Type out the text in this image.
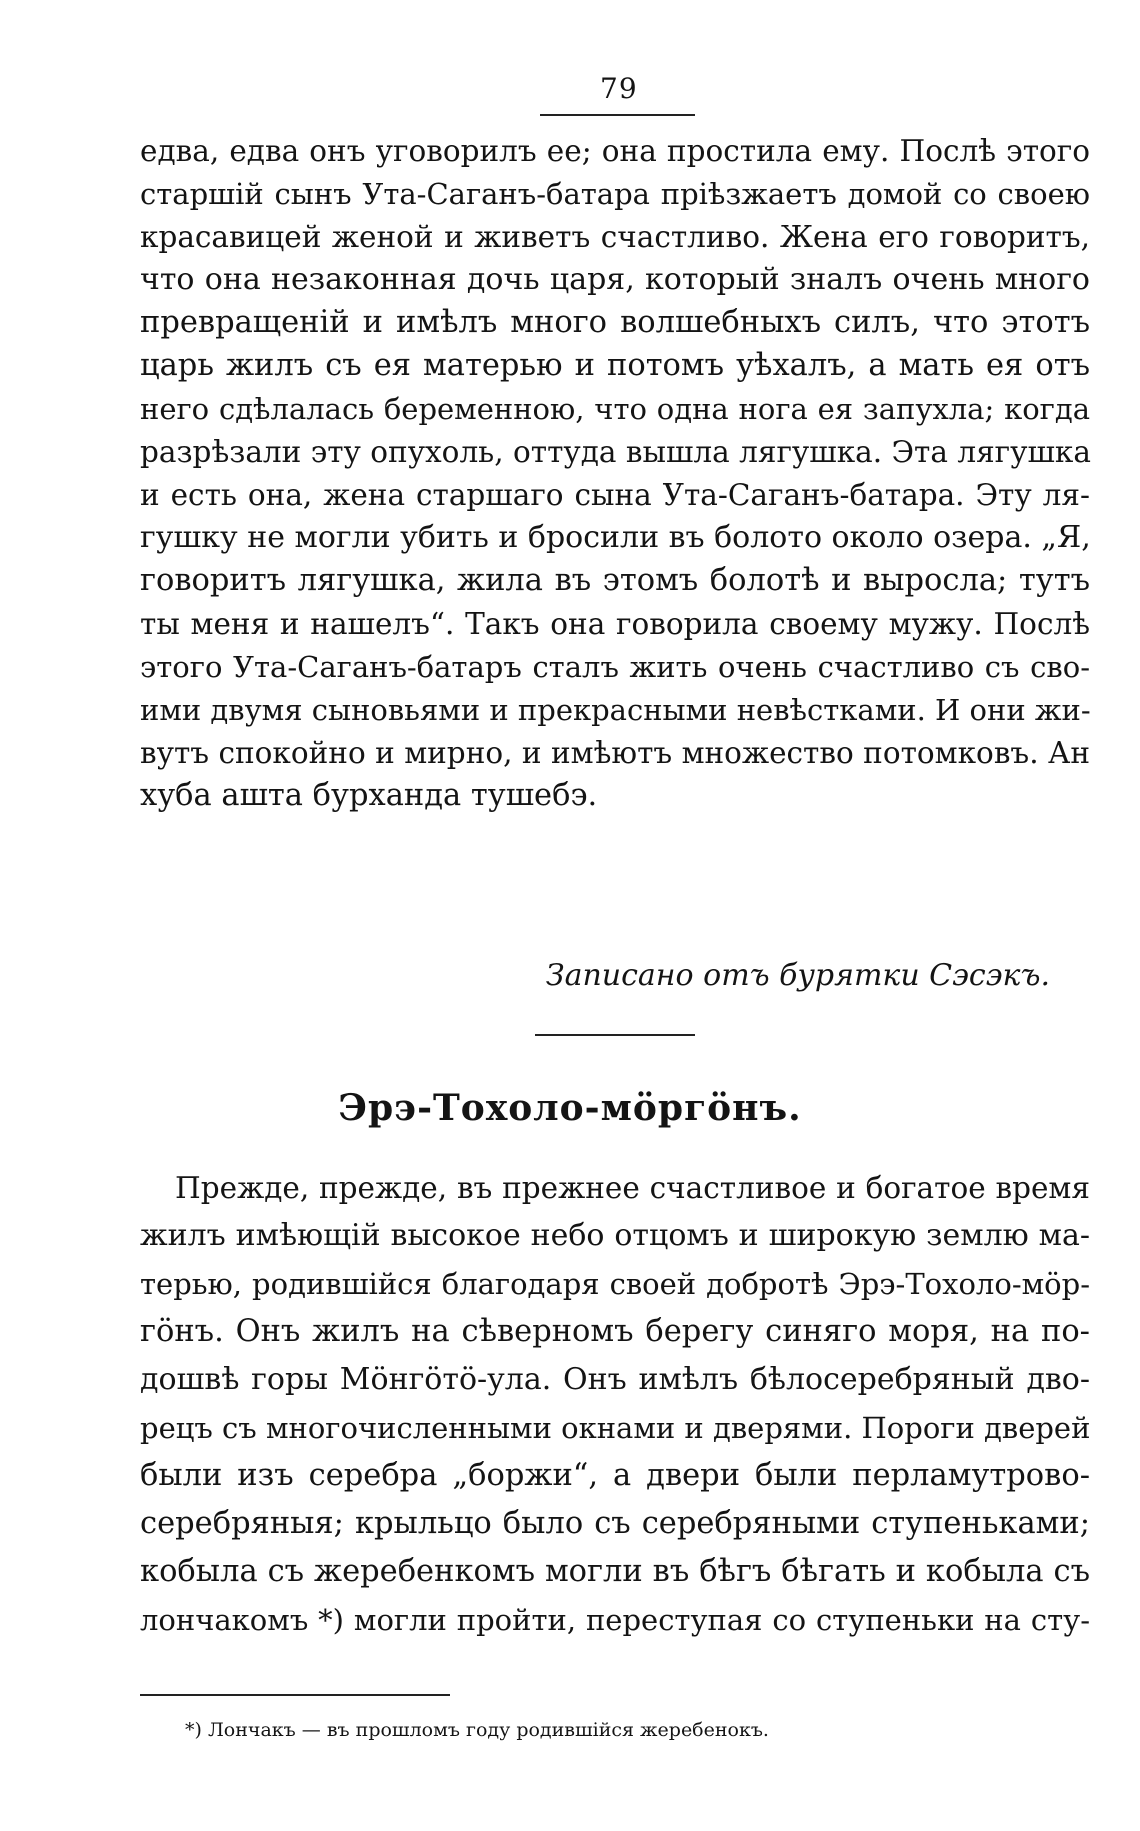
79
едва, едва онъ уговорилъ ее; она простила ему. Послѣ этого
старшій сынъ Ута-Саганъ-батара пріѣзжаетъ домой со своею
красавицей женой и живетъ счастливо. Жена его говоритъ,
что она незаконная дочь царя, который зналъ очень много
превращеній и имѣлъ много волшебныхъ силъ, что этотъ
царь жилъ съ ея матерью и потомъ уѣхалъ, а мать ея отъ
него сдѣлалась беременною, что одна нога ея запухла; когда
разрѣзали эту опухоль, оттуда вышла лягушка. Эта лягушка
и есть она, жена старшаго сына Ута-Саганъ-батара. Эту ля-
гушку не могли убить и бросили въ болото около озера. „Я,
говоритъ лягушка, жила въ этомъ болотѣ и выросла; тутъ
ты меня и нашелъ“. Такъ она говорила своему мужу. Послѣ
этого Ута-Саганъ-батаръ сталъ жить очень счастливо съ сво-
ими двумя сыновьями и прекрасными невѣстками. И они жи-
вутъ спокойно и мирно, и имѣютъ множество потомковъ. Ан
хуба ашта бурханда тушебэ.
Записано отъ бурятки Сэсэкъ.
Эрэ-Тохоло-мöргöнъ.
Прежде, прежде, въ прежнее счастливое и богатое время
жилъ имѣющій высокое небо отцомъ и широкую землю ма-
терью, родившійся благодаря своей добротѣ Эрэ-Тохоло-мöр-
гöнъ. Онъ жилъ на сѣверномъ берегу синяго моря, на по-
дошвѣ горы Мöнгöтö-ула. Онъ имѣлъ бѣлосеребряный дво-
рецъ съ многочисленными окнами и дверями. Пороги дверей
были изъ серебра „боржи“, а двери были перламутрово-
серебряныя; крыльцо было съ серебряными ступеньками;
кобыла съ жеребенкомъ могли въ бѣгъ бѣгать и кобыла съ
лончакомъ *) могли пройти, переступая со ступеньки на сту-
*) Лончакъ — въ прошломъ году родившійся жеребенокъ.
